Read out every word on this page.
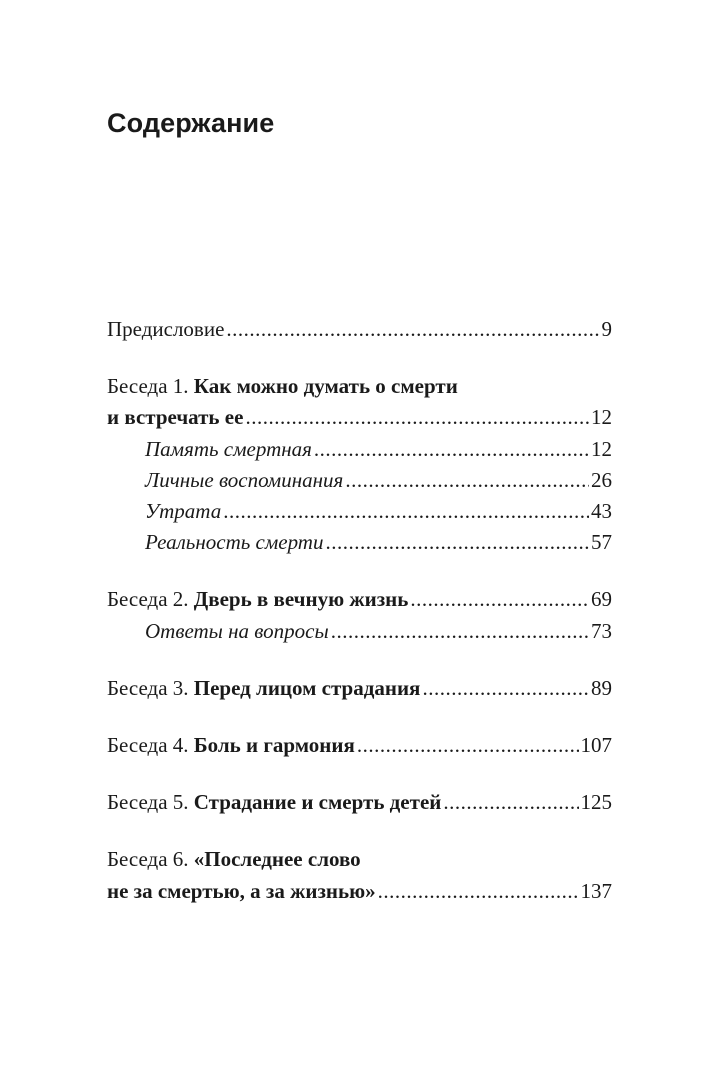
Содержание
Предисловие .....	9
Беседа 1. Как можно думать о смерти
и встречать ее .....	12
Память смертная .....	12
Личные воспоминания .....	26
Утрата .....	43
Реальность смерти .....	57
Беседа 2. Дверь в вечную жизнь .....	69
Ответы на вопросы .....	73
Беседа 3. Перед лицом страдания .....	89
Беседа 4. Боль и гармония .....	107
Беседа 5. Страдание и смерть детей .....	125
Беседа 6. «Последнее слово
не за смертью, а за жизнью» .....	137
